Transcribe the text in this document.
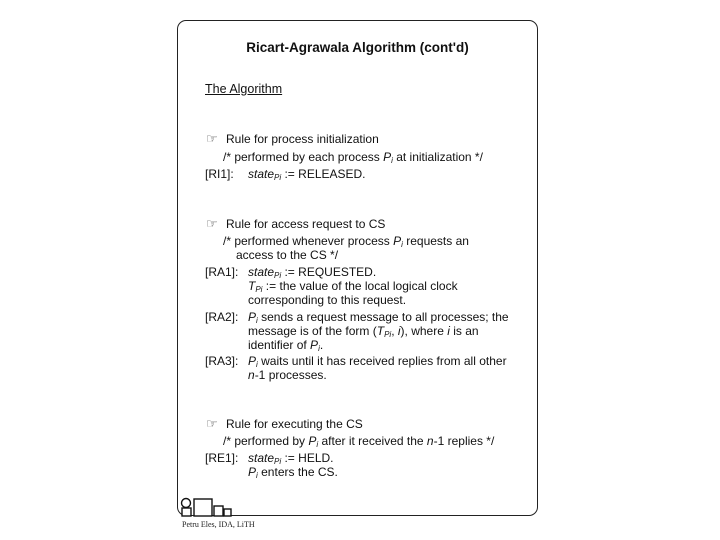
Ricart-Agrawala Algorithm (cont'd)
The Algorithm
☞ Rule for process initialization
/* performed by each process $P_i$ at initialization */
[RI1]: state$_{Pi}$ := RELEASED.
☞ Rule for access request to CS
/* performed whenever process $P_i$ requests an
access to the CS */
[RA1]: state$_{Pi}$ := REQUESTED.
$T_{Pi}$ := the value of the local logical clock
corresponding to this request.
[RA2]: $P_i$ sends a request message to all processes; the
message is of the form ($T_{Pi}$, i), where i is an
identifier of $P_i$.
[RA3]: $P_i$ waits until it has received replies from all other
n-1 processes.
☞ Rule for executing the CS
/* performed by $P_i$ after it received the n-1 replies */
[RE1]: state$_{Pi}$ := HELD.
$P_i$ enters the CS.
Petru Eles, IDA, LiTH
